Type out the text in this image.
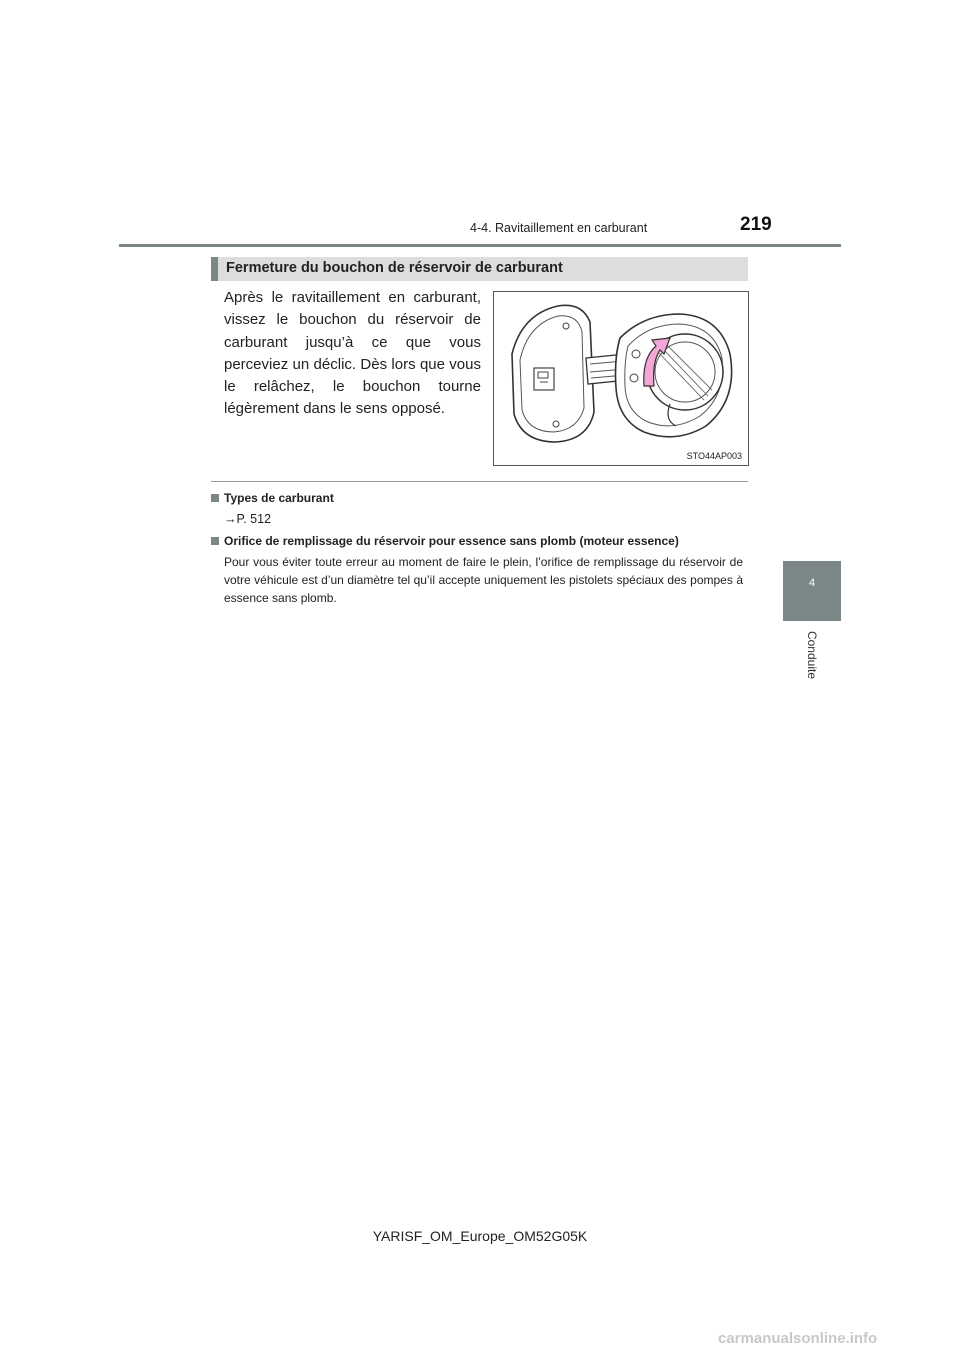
4-4. Ravitaillement en carburant	219
4
Conduite
Fermeture du bouchon de réservoir de carburant
Après le ravitaillement en carburant, vissez le bouchon du réservoir de carburant jusqu’à ce que vous perceviez un déclic. Dès lors que vous le relâchez, le bouchon tourne légèrement dans le sens opposé.
STO44AP003
Types de carburant
→P. 512
Orifice de remplissage du réservoir pour essence sans plomb (moteur essence)
Pour vous éviter toute erreur au moment de faire le plein, l’orifice de remplissage du réservoir de votre véhicule est d’un diamètre tel qu’il accepte uniquement les pistolets spéciaux des pompes à essence sans plomb.
YARISF_OM_Europe_OM52G05K
carmanualsonline.info
